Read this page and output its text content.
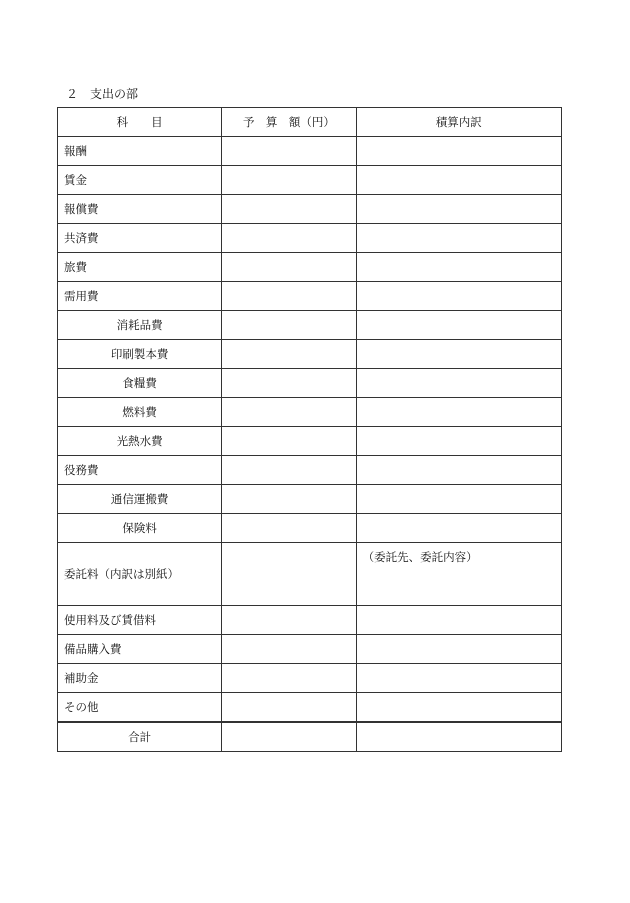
２ 支出の部
科　　目	予　算　額（円）	積算内訳
報酬		
賃金		
報償費		
共済費		
旅費		
需用費		
消耗品費		
印刷製本費		
食糧費		
燃料費		
光熱水費		
役務費		
通信運搬費		
保険料		
委託料（内訳は別紙）		（委託先、委託内容）
使用料及び賃借料		
備品購入費		
補助金		
その他		
合計		
